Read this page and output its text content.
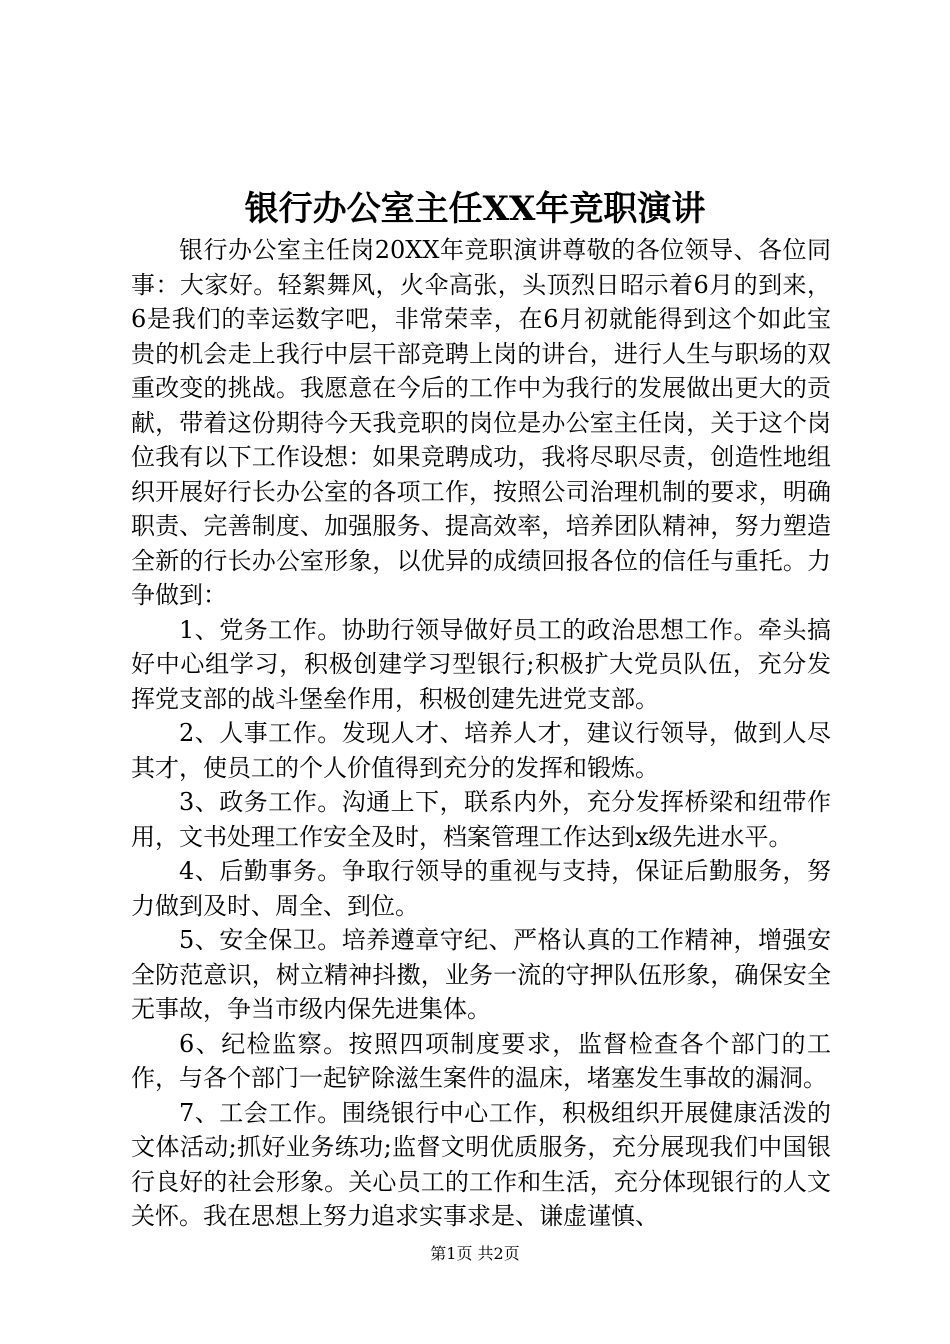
银行办公室主任XX年竞职演讲

银行办公室主任岗20XX年竞职演讲尊敬的各位领导、各位同事：大家好。轻絮舞风，火伞高张，头顶烈日昭示着6月的到来，6是我们的幸运数字吧，非常荣幸，在6月初就能得到这个如此宝贵的机会走上我行中层干部竞聘上岗的讲台，进行人生与职场的双重改变的挑战。我愿意在今后的工作中为我行的发展做出更大的贡献，带着这份期待今天我竞职的岗位是办公室主任岗，关于这个岗位我有以下工作设想：如果竞聘成功，我将尽职尽责，创造性地组织开展好行长办公室的各项工作，按照公司治理机制的要求，明确职责、完善制度、加强服务、提高效率，培养团队精神，努力塑造全新的行长办公室形象，以优异的成绩回报各位的信任与重托。力争做到：

1、党务工作。协助行领导做好员工的政治思想工作。牵头搞好中心组学习，积极创建学习型银行;积极扩大党员队伍，充分发挥党支部的战斗堡垒作用，积极创建先进党支部。

2、人事工作。发现人才、培养人才，建议行领导，做到人尽其才，使员工的个人价值得到充分的发挥和锻炼。

3、政务工作。沟通上下，联系内外，充分发挥桥梁和纽带作用，文书处理工作安全及时，档案管理工作达到x级先进水平。

4、后勤事务。争取行领导的重视与支持，保证后勤服务，努力做到及时、周全、到位。

5、安全保卫。培养遵章守纪、严格认真的工作精神，增强安全防范意识，树立精神抖擞，业务一流的守押队伍形象，确保安全无事故，争当市级内保先进集体。

6、纪检监察。按照四项制度要求，监督检查各个部门的工作，与各个部门一起铲除滋生案件的温床，堵塞发生事故的漏洞。

7、工会工作。围绕银行中心工作，积极组织开展健康活泼的文体活动;抓好业务练功;监督文明优质服务，充分展现我们中国银行良好的社会形象。关心员工的工作和生活，充分体现银行的人文关怀。我在思想上努力追求实事求是、谦虚谨慎、

第1页 共2页
